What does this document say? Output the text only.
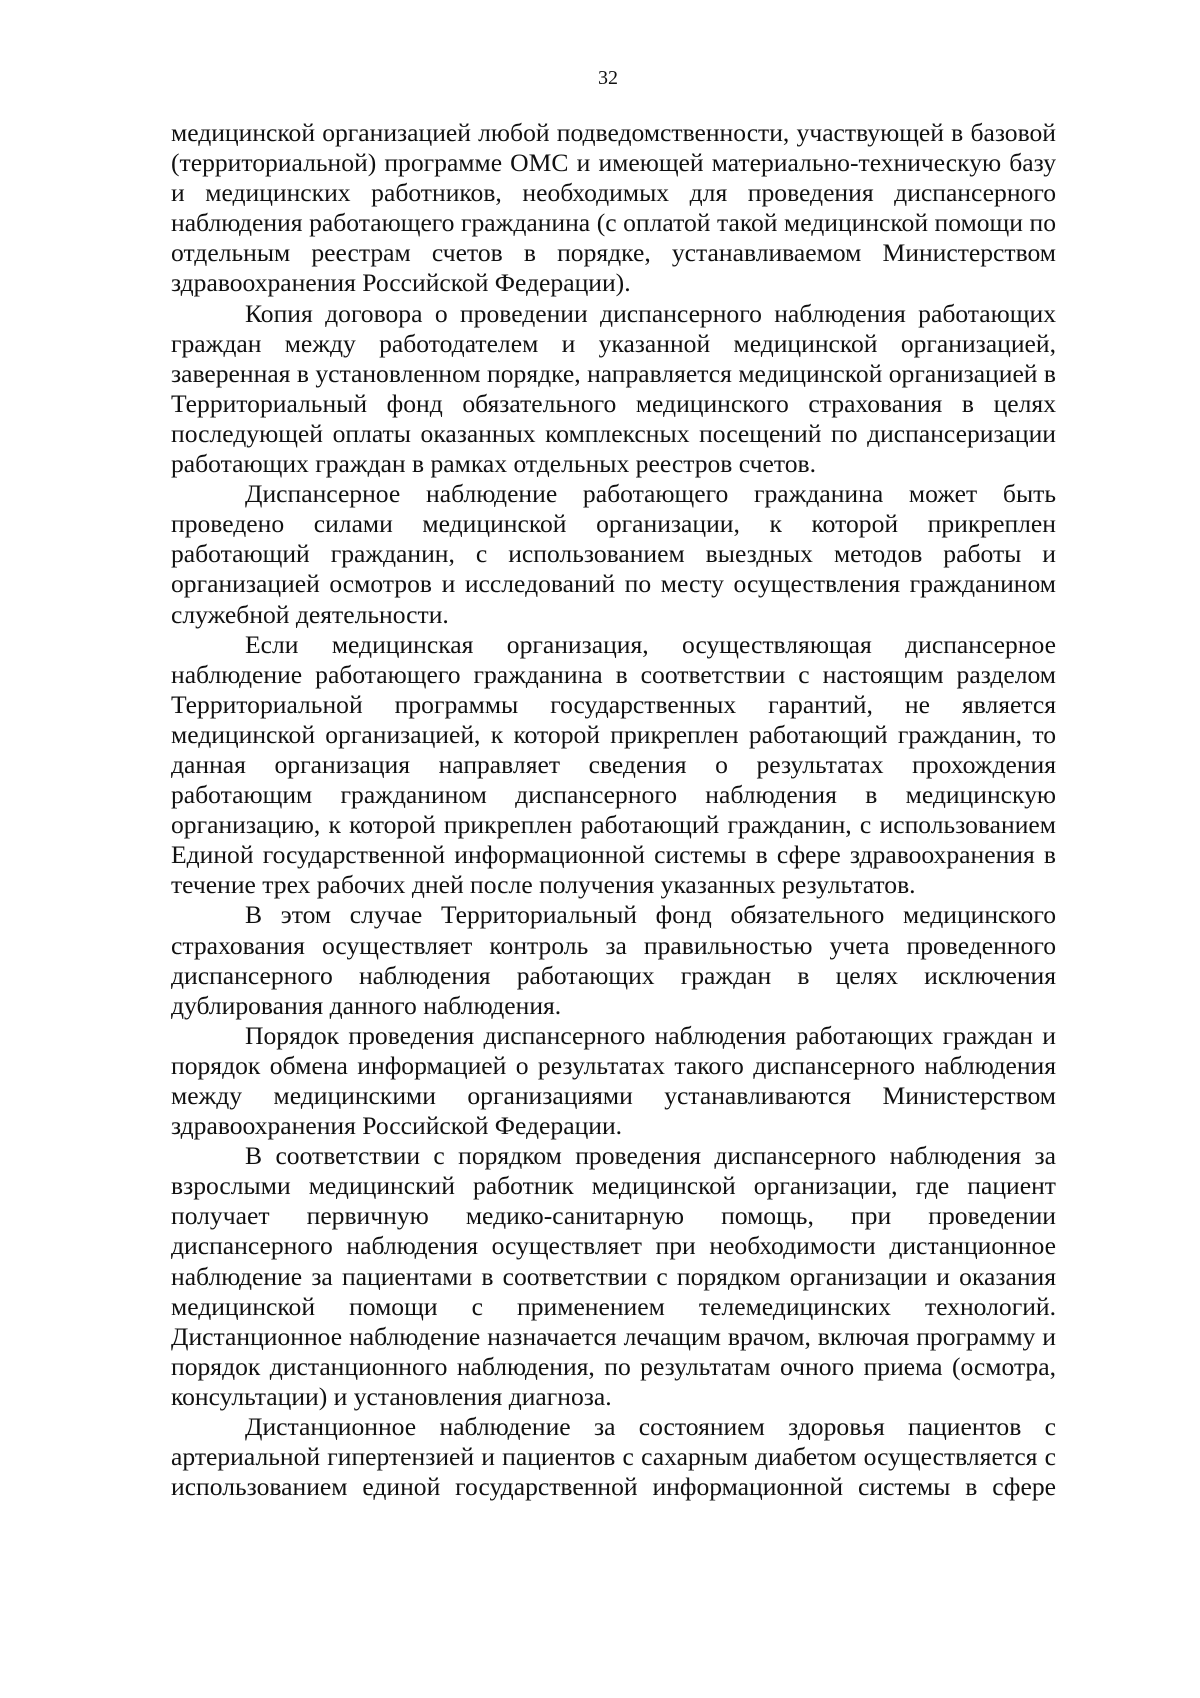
32

медицинской организацией любой подведомственности, участвующей в базовой (территориальной) программе ОМС и имеющей материально-техническую базу и медицинских работников, необходимых для проведения диспансерного наблюдения работающего гражданина (с оплатой такой медицинской помощи по отдельным реестрам счетов в порядке, устанавливаемом Министерством здравоохранения Российской Федерации).

Копия договора о проведении диспансерного наблюдения работающих граждан между работодателем и указанной медицинской организацией, заверенная в установленном порядке, направляется медицинской организацией в Территориальный фонд обязательного медицинского страхования в целях последующей оплаты оказанных комплексных посещений по диспансеризации работающих граждан в рамках отдельных реестров счетов.

Диспансерное наблюдение работающего гражданина может быть проведено силами медицинской организации, к которой прикреплен работающий гражданин, с использованием выездных методов работы и организацией осмотров и исследований по месту осуществления гражданином служебной деятельности.

Если медицинская организация, осуществляющая диспансерное наблюдение работающего гражданина в соответствии с настоящим разделом Территориальной программы государственных гарантий, не является медицинской организацией, к которой прикреплен работающий гражданин, то данная организация направляет сведения о результатах прохождения работающим гражданином диспансерного наблюдения в медицинскую организацию, к которой прикреплен работающий гражданин, с использованием Единой государственной информационной системы в сфере здравоохранения в течение трех рабочих дней после получения указанных результатов.

В этом случае Территориальный фонд обязательного медицинского страхования осуществляет контроль за правильностью учета проведенного диспансерного наблюдения работающих граждан в целях исключения дублирования данного наблюдения.

Порядок проведения диспансерного наблюдения работающих граждан и порядок обмена информацией о результатах такого диспансерного наблюдения между медицинскими организациями устанавливаются Министерством здравоохранения Российской Федерации.

В соответствии с порядком проведения диспансерного наблюдения за взрослыми медицинский работник медицинской организации, где пациент получает первичную медико-санитарную помощь, при проведении диспансерного наблюдения осуществляет при необходимости дистанционное наблюдение за пациентами в соответствии с порядком организации и оказания медицинской помощи с применением телемедицинских технологий. Дистанционное наблюдение назначается лечащим врачом, включая программу и порядок дистанционного наблюдения, по результатам очного приема (осмотра, консультации) и установления диагноза.

Дистанционное наблюдение за состоянием здоровья пациентов с артериальной гипертензией и пациентов с сахарным диабетом осуществляется с использованием единой государственной информационной системы в сфере
